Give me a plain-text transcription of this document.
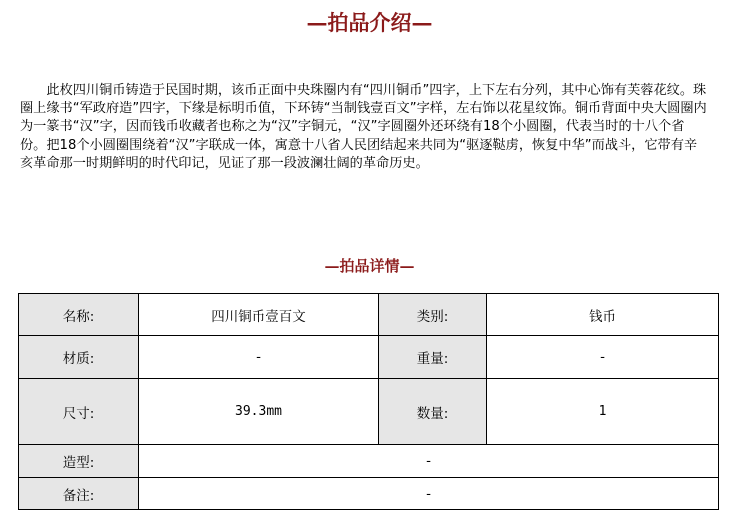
—拍品介绍—

此枚四川铜币铸造于民国时期，该币正面中央珠圈内有“四川铜币”四字，上下左右分列，其中心饰有芙蓉花纹。珠圈上缘书“军政府造”四字，下缘是标明币值，下环铸“当制钱壹百文”字样，左右饰以花星纹饰。铜币背面中央大圆圈内为一篆书“汉”字，因而钱币收藏者也称之为“汉”字铜元，“汉”字圆圈外还环绕有18个小圆圈，代表当时的十八个省份。把18个小圆圈围绕着“汉”字联成一体，寓意十八省人民团结起来共同为“驱逐鞑虏，恢复中华”而战斗，它带有辛亥革命那一时期鲜明的时代印记，见证了那一段波澜壮阔的革命历史。

—拍品详情—
名称:	四川铜币壹百文	类别:	钱币
材质:	-	重量:	-
尺寸:	39.3mm	数量:	1
造型:	-		
备注:	-		
